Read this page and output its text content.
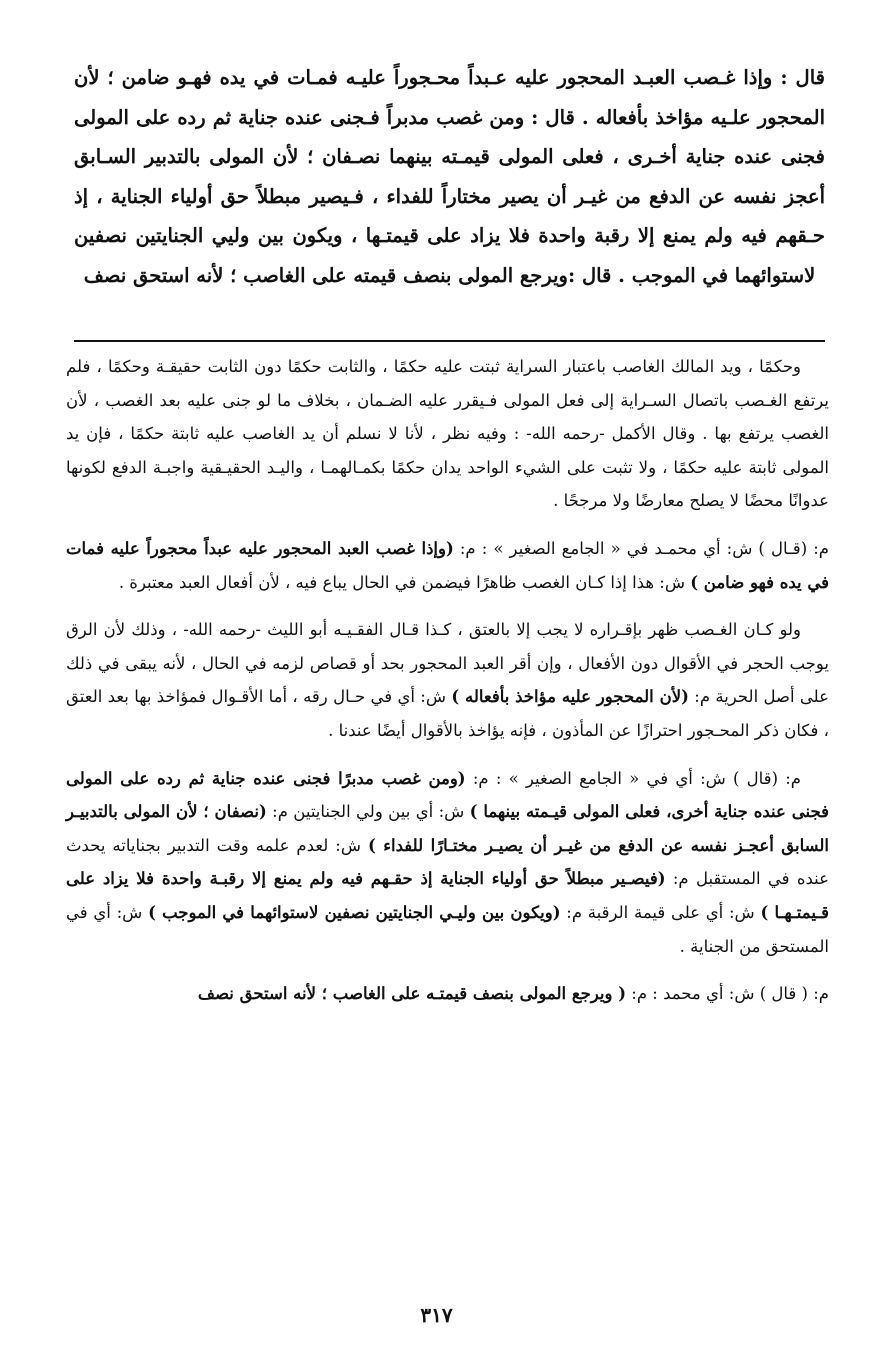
قال : وإذا غـصب العبـد المحجور عليه عـبداً محـجوراً عليـه فمـات في يده فهـو ضامن ؛ لأن المحجور علـيه مؤاخذ بأفعاله . قال : ومن غصب مدبراً فـجنى عنده جناية ثم رده على المولى فجنى عنده جناية أخـرى ، فعلى المولى قيمـته بينهما نصـفان ؛ لأن المولى بالتدبير السـابق أعجز نفسه عن الدفع من غيـر أن يصير مختاراً للفداء ، فـيصير مبطلاً حق أولياء الجناية ، إذ حـقهم فيه ولم يمنع إلا رقبة واحدة فلا يزاد على قيمتـها ، ويكون بين وليي الجنايتين نصفين لاستوائهما في الموجب . قال :ويرجع المولى بنصف قيمته على الغاصب ؛ لأنه استحق نصف

وحكمًا ، ويد المالك الغاصب باعتبار السراية ثبتت عليه حكمًا ، والثابت حكمًا دون الثابت حقيقـة وحكمًا ، فلم يرتفع الغـصب باتصال السـراية إلى فعل المولى فـيقرر عليه الضـمان ، بخلاف ما لو جنى عليه بعد الغصب ، لأن الغصب يرتفع بها . وقال الأكمل -رحمه الله- : وفيه نظر ، لأنا لا نسلم أن يد الغاصب عليه ثابتة حكمًا ، فإن يد المولى ثابتة عليه حكمًا ، ولا تثبت على الشيء الواحد يدان حكمًا بكمـالهمـا ، واليـد الحقيـقية واجبـة الدفع لكونها عدوانًا محضًا لا يصلح معارضًا ولا مرجحًا .

م: (قـال ) ش: أي محمـد في « الجامع الصغير » : م: (وإذا غصب العبد المحجور عليه عبداً محجوراً عليه فمات في يده فهو ضامن ) ش: هذا إذا كـان الغصب ظاهرًا فيضمن في الحال يباع فيه ، لأن أفعال العبد معتبرة .

ولو كـان الغـصب ظهر بإقـراره لا يجب إلا بالعتق ، كـذا قـال الفقـيـه أبو الليث -رحمه الله- ، وذلك لأن الرق يوجب الحجر في الأقوال دون الأفعال ، وإن أقر العبد المحجور بحد أو قصاص لزمه في الحال ، لأنه يبقى في ذلك على أصل الحرية م: (لأن المحجور عليه مؤاخذ بأفعاله ) ش: أي في حـال رقه ، أما الأقـوال فمؤاخذ بها بعد العتق ، فكان ذكر المحـجور احترازًا عن المأذون ، فإنه يؤاخذ بالأقوال أيضًا عندنا .

م: (قال ) ش: أي في « الجامع الصغير » : م: (ومن غصب مدبرًا فجنى عنده جناية ثم رده على المولى فجنى عنده جناية أخرى، فعلى المولى قيـمته بينهما ) ش: أي بين ولي الجنايتين م: (نصفان ؛ لأن المولى بالتدبيـر السابق أعجـز نفسه عن الدفع من غيـر أن يصيـر مختـارًا للفداء ) ش: لعدم علمه وقت التدبير بجناياته يحدث عنده في المستقبل م: (فيصـير مبطلاً حق أولياء الجناية إذ حقـهم فيه ولم يمنع إلا رقبـة واحدة فلا يزاد على قـيمتـهـا ) ش: أي على قيمة الرقبة م: (ويكون بين وليـي الجنايتين نصفين لاستوائهما في الموجب ) ش: أي في المستحق من الجناية .

م: ( قال ) ش: أي محمد : م: ( ويرجع المولى بنصف قيمتـه على الغاصب ؛ لأنه استحق نصف

٣١٧
